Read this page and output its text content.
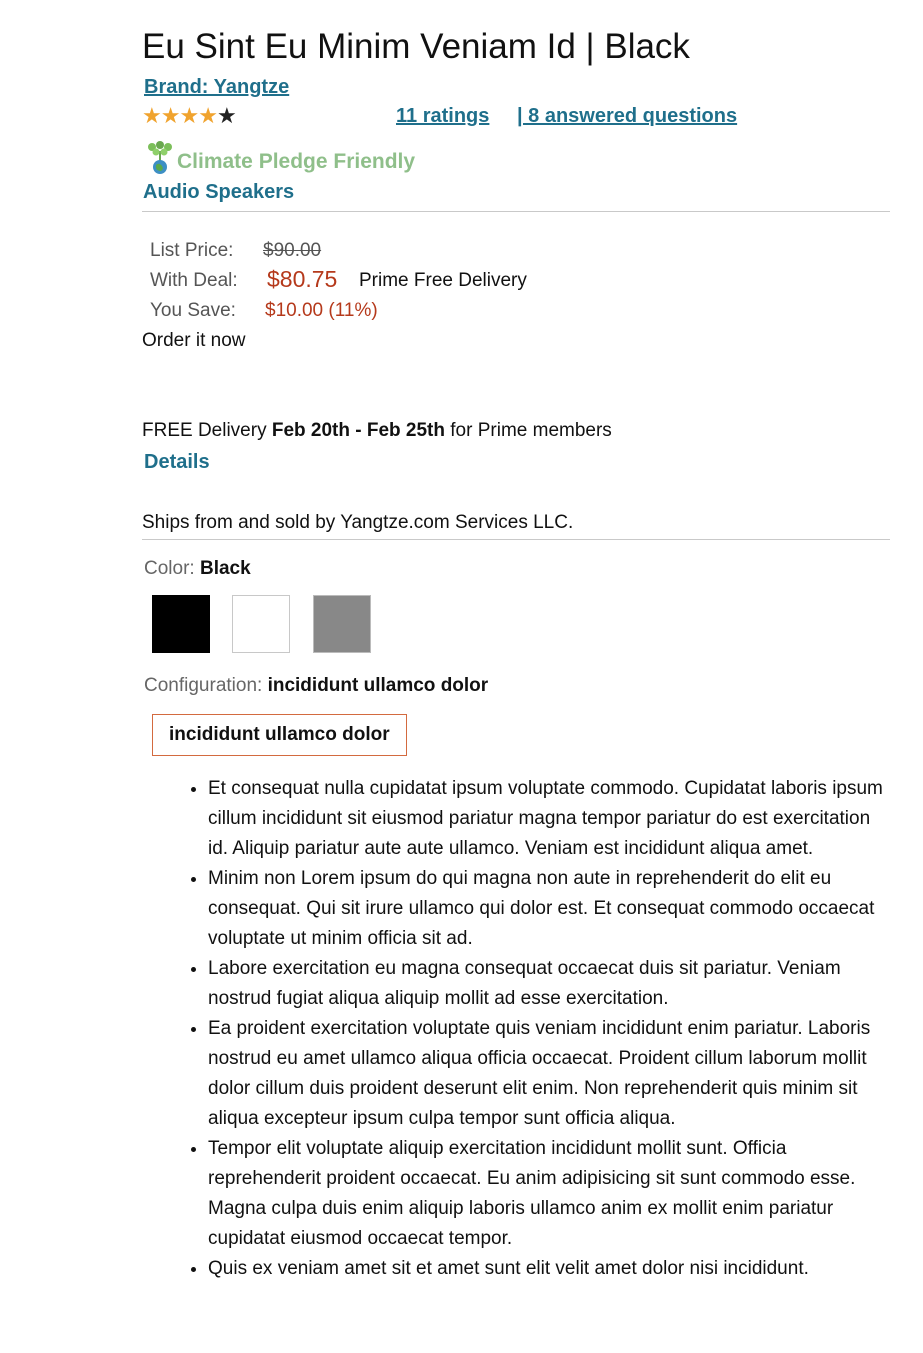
Eu Sint Eu Minim Veniam Id | Black
Brand: Yangtze
★★★★★	11 ratings | 8 answered questions
Climate Pledge Friendly
Audio Speakers
List Price: $90.00
With Deal: $80.75 Prime Free Delivery
You Save: $10.00 (11%)
Order it now
FREE Delivery Feb 20th - Feb 25th for Prime members
Details
Ships from and sold by Yangtze.com Services LLC.
Color: Black
Configuration: incididunt ullamco dolor
incididunt ullamco dolor
• Et consequat nulla cupidatat ipsum voluptate commodo. Cupidatat laboris ipsum cillum incididunt sit eiusmod pariatur magna tempor pariatur do est exercitation id. Aliquip pariatur aute aute ullamco. Veniam est incididunt aliqua amet.
• Minim non Lorem ipsum do qui magna non aute in reprehenderit do elit eu consequat. Qui sit irure ullamco qui dolor est. Et consequat commodo occaecat voluptate ut minim officia sit ad.
• Labore exercitation eu magna consequat occaecat duis sit pariatur. Veniam nostrud fugiat aliqua aliquip mollit ad esse exercitation.
• Ea proident exercitation voluptate quis veniam incididunt enim pariatur. Laboris nostrud eu amet ullamco aliqua officia occaecat. Proident cillum laborum mollit dolor cillum duis proident deserunt elit enim. Non reprehenderit quis minim sit aliqua excepteur ipsum culpa tempor sunt officia aliqua.
• Tempor elit voluptate aliquip exercitation incididunt mollit sunt. Officia reprehenderit proident occaecat. Eu anim adipisicing sit sunt commodo esse. Magna culpa duis enim aliquip laboris ullamco anim ex mollit enim pariatur cupidatat eiusmod occaecat tempor.
• Quis ex veniam amet sit et amet sunt elit velit amet dolor nisi incididunt.
